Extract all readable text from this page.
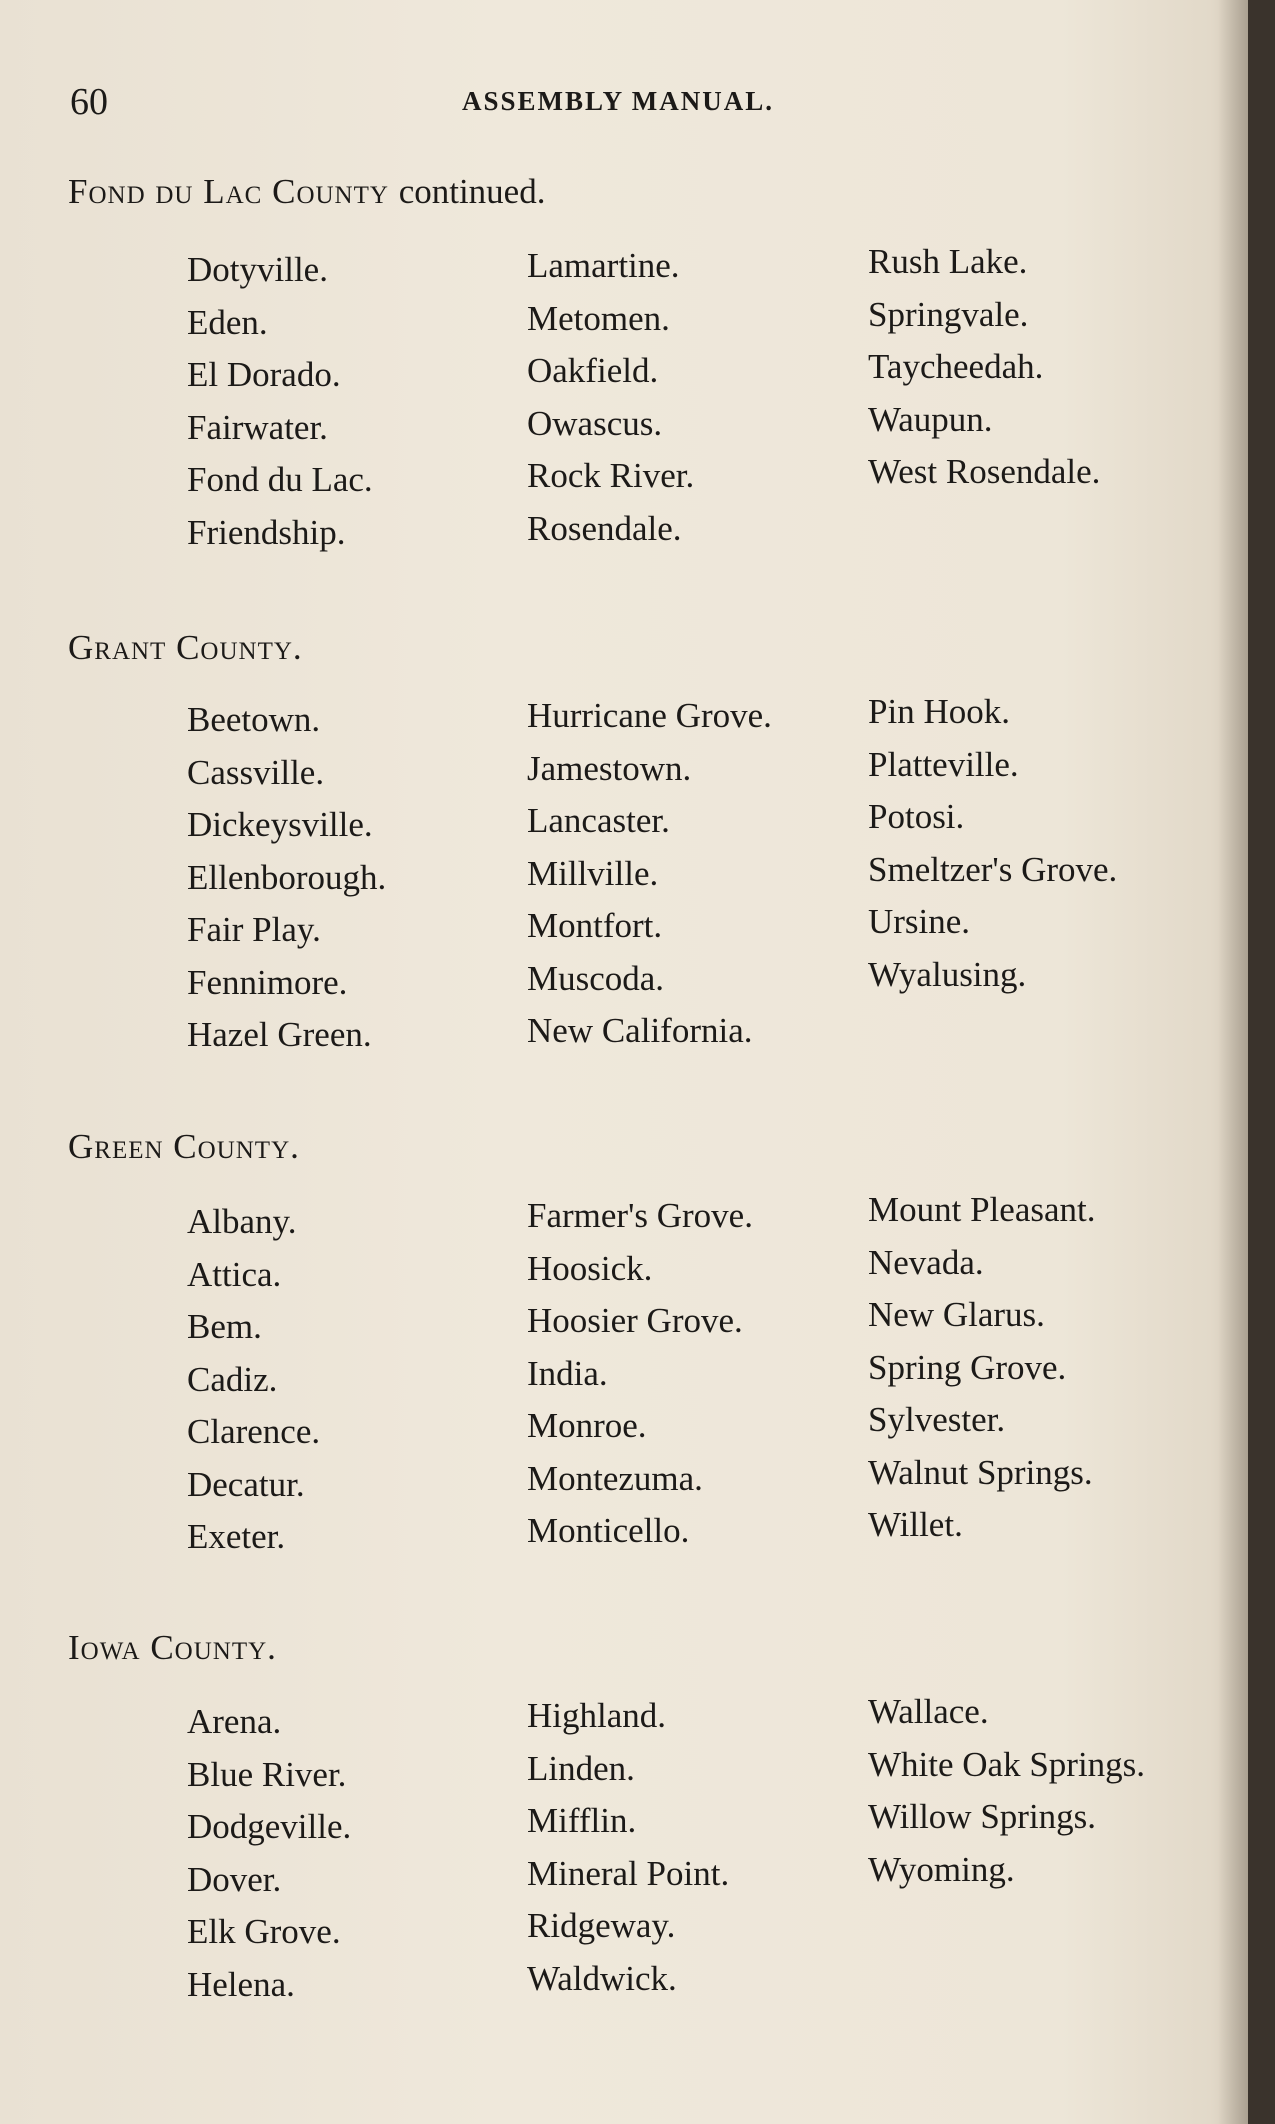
60	ASSEMBLY MANUAL.
Fond du Lac County continued.
Dotyville.
Eden.
El Dorado.
Fairwater.
Fond du Lac.
Friendship.
Lamartine.
Metomen.
Oakfield.
Owascus.
Rock River.
Rosendale.
Rush Lake.
Springvale.
Taycheedah.
Waupun.
West Rosendale.
Grant County.
Beetown.
Cassville.
Dickeysville.
Ellenborough.
Fair Play.
Fennimore.
Hazel Green.
Hurricane Grove.
Jamestown.
Lancaster.
Millville.
Montfort.
Muscoda.
New California.
Pin Hook.
Platteville.
Potosi.
Smeltzer's Grove.
Ursine.
Wyalusing.
Green County.
Albany.
Attica.
Bem.
Cadiz.
Clarence.
Decatur.
Exeter.
Farmer's Grove.
Hoosick.
Hoosier Grove.
India.
Monroe.
Montezuma.
Monticello.
Mount Pleasant.
Nevada.
New Glarus.
Spring Grove.
Sylvester.
Walnut Springs.
Willet.
Iowa County.
Arena.
Blue River.
Dodgeville.
Dover.
Elk Grove.
Helena.
Highland.
Linden.
Mifflin.
Mineral Point.
Ridgeway.
Waldwick.
Wallace.
White Oak Springs.
Willow Springs.
Wyoming.
